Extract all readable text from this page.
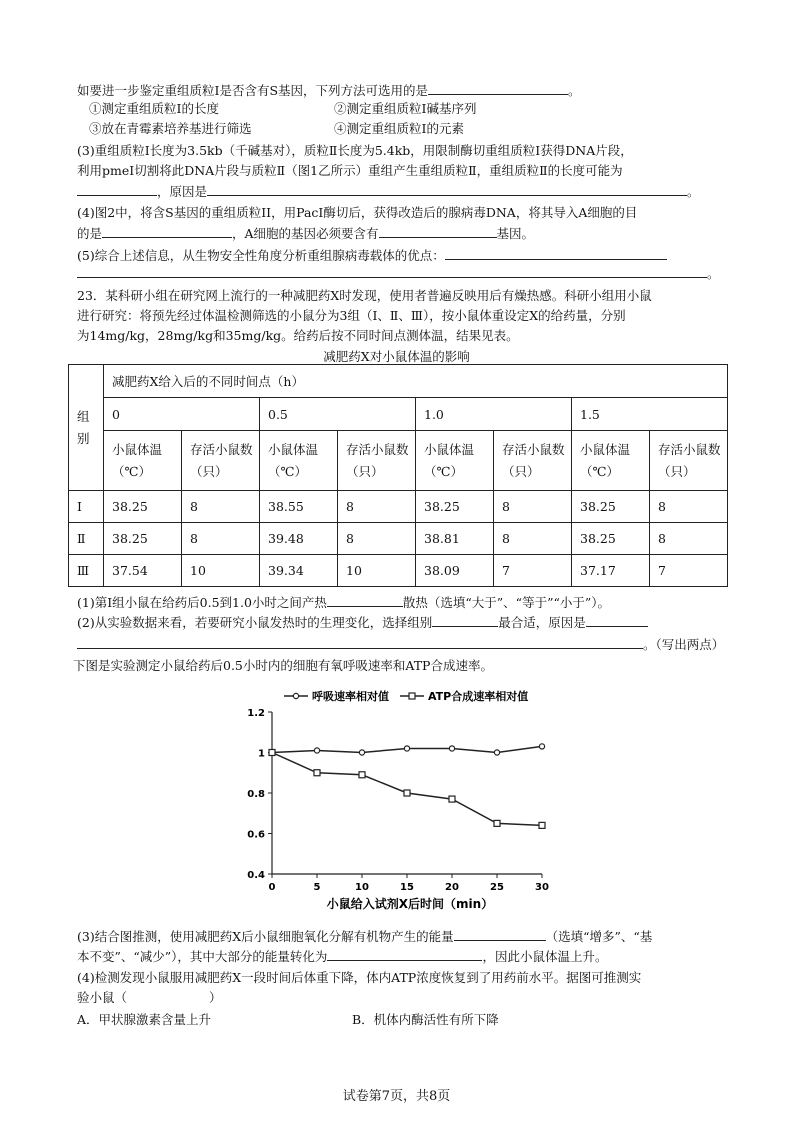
如要进一步鉴定重组质粒Ⅰ是否含有S基因，下列方法可选用的是	。
①测定重组质粒Ⅰ的长度	②测定重组质粒Ⅰ碱基序列
③放在青霉素培养基进行筛选	④测定重组质粒Ⅰ的元素
(3)重组质粒Ⅰ长度为3.5kb（千碱基对），质粒Ⅱ长度为5.4kb，用限制酶切重组质粒Ⅰ获得DNA片段，
利用pmeI切割将此DNA片段与质粒Ⅱ（图1乙所示）重组产生重组质粒Ⅱ，重组质粒Ⅱ的长度可能为
，原因是	。
(4)图2中，将含S基因的重组质粒II，用PacI酶切后，获得改造后的腺病毒DNA，将其导入A细胞的目
的是	，A细胞的基因必须要含有	基因。
(5)综合上述信息，从生物安全性角度分析重组腺病毒载体的优点：
。
23．某科研小组在研究网上流行的一种减肥药X时发现，使用者普遍反映用后有燥热感。科研小组用小鼠
进行研究：将预先经过体温检测筛选的小鼠分为3组（Ⅰ、Ⅱ、Ⅲ），按小鼠体重设定X的给药量，分别
为14mg/kg，28mg/kg和35mg/kg。给药后按不同时间点测体温，结果见表。
减肥药X对小鼠体温的影响
组
别	减肥药X给入后的不同时间点（h）							
	0		0.5		1.0		1.5	
	小鼠体温（℃）	存活小鼠数（只）	小鼠体温（℃）	存活小鼠数（只）	小鼠体温（℃）	存活小鼠数（只）	小鼠体温（℃）	存活小鼠数（只）
Ⅰ	38.25	8	38.55	8	38.25	8	38.25	8
Ⅱ	38.25	8	39.48	8	38.81	8	38.25	8
Ⅲ	37.54	10	39.34	10	38.09	7	37.17	7
(1)第Ⅰ组小鼠在给药后0.5到1.0小时之间产热	散热（选填“大于”、“等于”“小于”）。
(2)从实验数据来看，若要研究小鼠发热时的生理变化，选择组别	最合适，原因是
。（写出两点）
下图是实验测定小鼠给药后0.5小时内的细胞有氧呼吸速率和ATP合成速率。
0.4
0.6
0.8
1
1.2
0	5	10	15	20	25	30
呼吸速率相对值	ATP合成速率相对值
小鼠给入试剂X后时间（min）
(3)结合图推测，使用减肥药X后小鼠细胞氧化分解有机物产生的能量	（选填“增多”、“基
本不变”、“减少”），其中大部分的能量转化为	，因此小鼠体温上升。
(4)检测发现小鼠服用减肥药X一段时间后体重下降，体内ATP浓度恢复到了用药前水平。据图可推测实
验小鼠（	）
A．甲状腺激素含量上升	B．机体内酶活性有所下降
试卷第7页，共8页
